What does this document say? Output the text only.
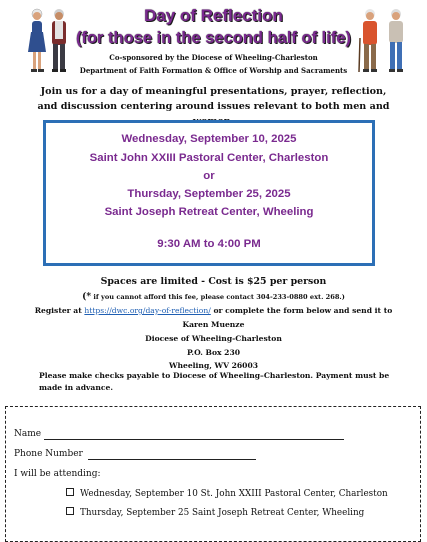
Day of Reflection
(for those in the second half of life)
Co-sponsored by the Diocese of Wheeling-Charleston
Department of Faith Formation & Office of Worship and Sacraments
Join us for a day of meaningful presentations, prayer, reflection, and discussion centering around issues relevant to both men and
Wednesday, September 10, 2025
Saint John XXIII Pastoral Center, Charleston
or
Thursday, September 25, 2025
Saint Joseph Retreat Center, Wheeling
9:30 AM to 4:00 PM
Spaces are limited - Cost is $25 per person
(* if you cannot afford this fee, please contact 304-233-0880 ext. 268.)
Register at https://dwc.org/day-of-reflection/ or complete the form below and send it to
Karen Muenze
Diocese of Wheeling-Charleston
P.O. Box 230
Wheeling, WV 26003
Please make checks payable to Diocese of Wheeling–Charleston. Payment must be made in advance.
Name
Phone Number
I will be attending:
Wednesday, September 10 St. John XXIII Pastoral Center, Charleston
Thursday, September 25 Saint Joseph Retreat Center, Wheeling
